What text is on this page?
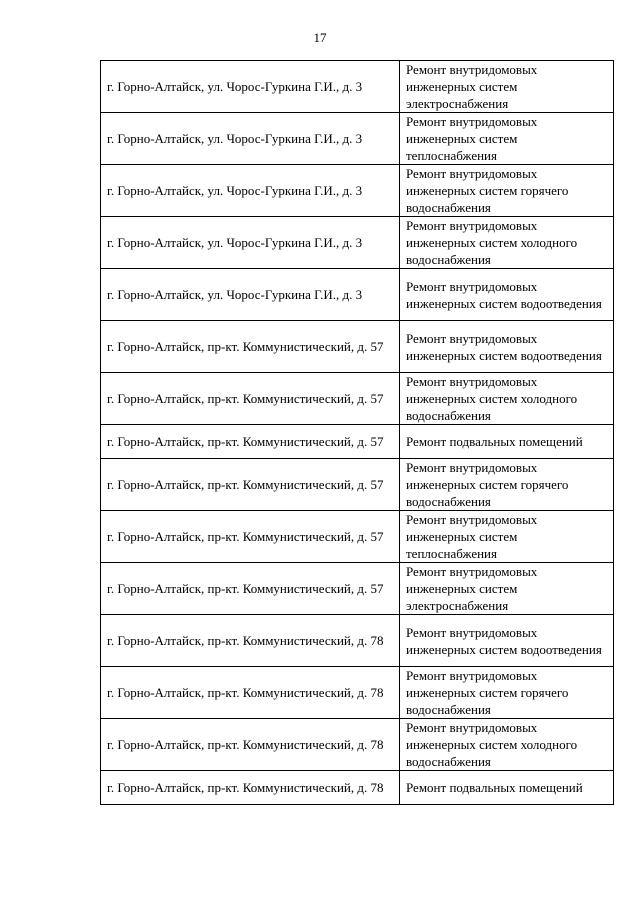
17
г. Горно-Алтайск, ул. Чорос-Гуркина Г.И., д. 3	Ремонт внутридомовых инженерных систем электроснабжения

г. Горно-Алтайск, ул. Чорос-Гуркина Г.И., д. 3	Ремонт внутридомовых инженерных систем теплоснабжения

г. Горно-Алтайск, ул. Чорос-Гуркина Г.И., д. 3	Ремонт внутридомовых инженерных систем горячего водоснабжения

г. Горно-Алтайск, ул. Чорос-Гуркина Г.И., д. 3	Ремонт внутридомовых инженерных систем холодного водоснабжения

г. Горно-Алтайск, ул. Чорос-Гуркина Г.И., д. 3	Ремонт внутридомовых инженерных систем водоотведения

г. Горно-Алтайск, пр-кт. Коммунистический, д. 57	Ремонт внутридомовых инженерных систем водоотведения

г. Горно-Алтайск, пр-кт. Коммунистический, д. 57	Ремонт внутридомовых инженерных систем холодного водоснабжения

г. Горно-Алтайск, пр-кт. Коммунистический, д. 57	Ремонт подвальных помещений

г. Горно-Алтайск, пр-кт. Коммунистический, д. 57	Ремонт внутридомовых инженерных систем горячего водоснабжения

г. Горно-Алтайск, пр-кт. Коммунистический, д. 57	Ремонт внутридомовых инженерных систем теплоснабжения

г. Горно-Алтайск, пр-кт. Коммунистический, д. 57	Ремонт внутридомовых инженерных систем электроснабжения

г. Горно-Алтайск, пр-кт. Коммунистический, д. 78	Ремонт внутридомовых инженерных систем водоотведения

г. Горно-Алтайск, пр-кт. Коммунистический, д. 78	Ремонт внутридомовых инженерных систем горячего водоснабжения

г. Горно-Алтайск, пр-кт. Коммунистический, д. 78	Ремонт внутридомовых инженерных систем холодного водоснабжения

г. Горно-Алтайск, пр-кт. Коммунистический, д. 78	Ремонт подвальных помещений
